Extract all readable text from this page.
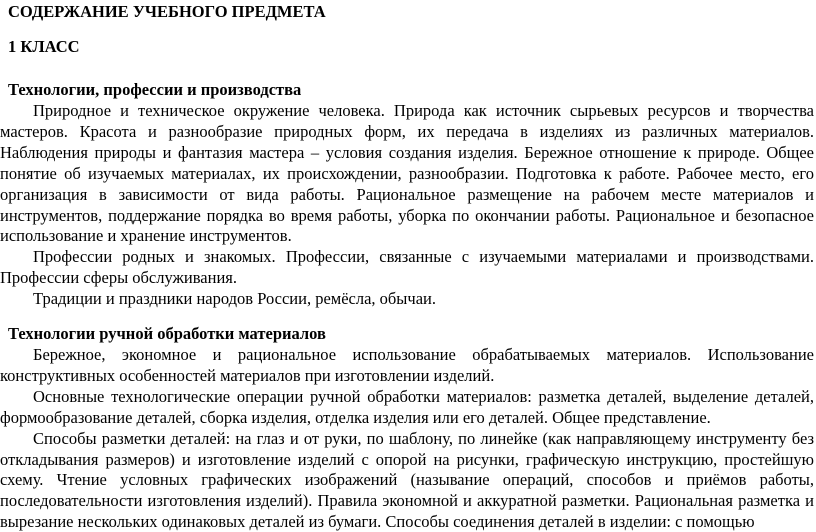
СОДЕРЖАНИЕ УЧЕБНОГО ПРЕДМЕТА

1 КЛАСС

Технологии, профессии и производства

Природное и техническое окружение человека. Природа как источник сырьевых ресурсов и творчества мастеров. Красота и разнообразие природных форм, их передача в изделиях из различных материалов. Наблюдения природы и фантазия мастера – условия создания изделия. Бережное отношение к природе. Общее понятие об изучаемых материалах, их происхождении, разнообразии. Подготовка к работе. Рабочее место, его организация в зависимости от вида работы. Рациональное размещение на рабочем месте материалов и инструментов, поддержание порядка во время работы, уборка по окончании работы. Рациональное и безопасное использование и хранение инструментов.

Профессии родных и знакомых. Профессии, связанные с изучаемыми материалами и производствами. Профессии сферы обслуживания.

Традиции и праздники народов России, ремёсла, обычаи.

Технологии ручной обработки материалов

Бережное, экономное и рациональное использование обрабатываемых материалов. Использование конструктивных особенностей материалов при изготовлении изделий.

Основные технологические операции ручной обработки материалов: разметка деталей, выделение деталей, формообразование деталей, сборка изделия, отделка изделия или его деталей. Общее представление.

Способы разметки деталей: на глаз и от руки, по шаблону, по линейке (как направляющему инструменту без откладывания размеров) и изготовление изделий с опорой на рисунки, графическую инструкцию, простейшую схему. Чтение условных графических изображений (называние операций, способов и приёмов работы, последовательности изготовления изделий). Правила экономной и аккуратной разметки. Рациональная разметка и вырезание нескольких одинаковых деталей из бумаги. Способы соединения деталей в изделии: с помощью
